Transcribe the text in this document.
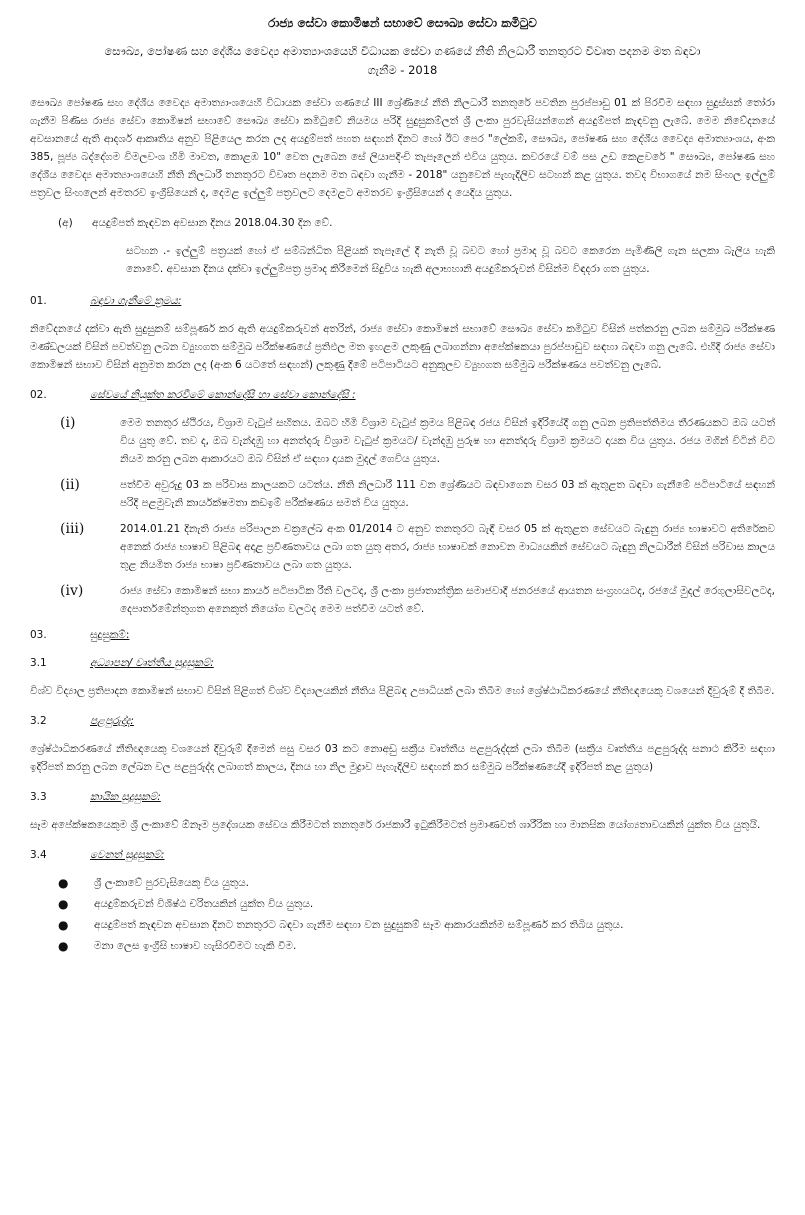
රාජ්‍ය සේවා කොමිෂන් සභාවේ සෞඛ්‍ය සේවා කමිටුව
සෞඛ්‍ය, පෝෂණ සහ දේශීය වෛද්‍ය අමාත්‍යාංශයෙහි විධායක සේවා ගණයේ නීති නිලධාරී තනතුරට විවෘත පදනම මත බඳවා ගැනීම - 2018

සෞඛ්‍ය පෝෂණ සහ දේශීය වෛද්‍ය අමාත්‍යාංශයෙහි විධායක සේවා ගණයේ III ශ්‍රේණියේ නීති නිලධාරී තනතුරේ පවතින පුරප්පාඩු 01 ක් පිරවීම සඳහා සුදුස්සන් තෝරා ගැනීම පිණිස රාජ්‍ය සේවා කොමිෂන් සභාවේ සෞඛ්‍ය සේවා කමිටුවේ නියමය පරිදි සුදුසුකම්ලත් ශ්‍රී ලංකා පුරවැසියන්ගෙන් අයදුම්පත් කැඳවනු ලැබේ. මෙම නිවේදනයේ අවසානයේ ඇති ආදර්ශ ආකෘතිය අනුව පිළියෙල කරන ලද අයදුම්පත් පහත සඳහන් දිනට හෝ ඊට පෙර "ලේකම්, සෞඛ්‍ය, පෝෂණ සහ දේශීය වෛද්‍ය අමාත්‍යාංශය, අංක 385, පූජ්‍ය බද්දේගම විමලවංශ හිමි මාවත, කොළඹ 10" වෙත ලැබෙන සේ ලියාපදිංචි තැපෑලෙන් එවිය යුතුය. කවරයේ වම් පස උඩ කෙළවරේ " සෞඛ්‍ය, පෝෂණ සහ දේශීය වෛද්‍ය අමාත්‍යාංශයෙහි නීති නිලධාරී තනතුරට විවෘත පදනම මත බඳවා ගැනීම - 2018" යනුවෙන් පැහැදිලිව සටහන් කළ යුතුය. තවද විභාගයේ නම සිංහල ඉල්ලුම් පත්‍රවල සිංහලෙන් අමතරව ඉංග්‍රීසියෙන් ද, දෙමළ ඉල්ලුම් පත්‍රවලට දෙමළට අමතරව ඉංග්‍රීසියෙන් ද යෙදිය යුතුය.

(අ)	අයදුම්පත් කැඳවන අවසාන දිනය 2018.04.30 දින වේ.

සටහන .- ඉල්ලුම් පත්‍රයක් හෝ ඒ සම්බන්ධිත පිළියක් තැපෑලේ දී නැති වූ බවට හෝ ප්‍රමාද වූ බවට කෙරෙන පැමිණිලි ගැන සලකා බැලිය හැකි නොවේ. අවසාන දිනය දක්වා ඉල්ලුම්පත්‍ර ප්‍රමාද කිරීමෙන් සිදුවිය හැකි අලාභහානි අයදුම්කරුවන් විසින්ම විඳදරා ගත යුතුය.

01.	බඳවා ගැනීමේ ක්‍රමය:

නිවේදනයේ දක්වා ඇති සුදුසුකම් සම්පූර්ණ කර ඇති අයදුම්කරුවන් අතරින්, රාජ්‍ය සේවා කොමිෂන් සභාවේ සෞඛ්‍ය සේවා කමිටුව විසින් පත්කරනු ලබන සම්මුඛ පරීක්ෂණ මණ්ඩලයක් විසින් පවත්වනු ලබන ව්‍යුහගත සම්මුඛ පරීක්ෂණයේ ප්‍රතිඵල මත ඉහළම ලකුණු ලබාගන්නා අපේක්ෂකයා පුරප්පාඩුව සඳහා බඳවා ගනු ලැබේ. එහිදී රාජ්‍ය සේවා කොමිෂන් සභාව විසින් අනුමත කරන ලද (අංක 6 යටතේ සඳහන්) ලකුණු දීමේ පටිපාටියට අනුකූලව ව්‍යුහගත සම්මුඛ පරීක්ෂණය පවත්වනු ලැබේ.

02.	සේවයේ නියුක්ත කරවීමේ කොන්දේසි හා සේවා කොන්දේසි :
(i)	මෙම තනතුර ස්ථිරය, විශ්‍රාම වැටුප් සහිතය. ඔබට හිමි විශ්‍රාම වැටුප් ක්‍රමය පිළිබඳ රජය විසින් ඉදිරියේදී ගනු ලබන ප්‍රතිපත්තිමය තීරණයකට ඔබ යටත් විය යුතු වේ. තව ද, ඔබ වැන්දඹු හා අනත්දරු විශ්‍රාම වැටුප් ක්‍රමයට/ වැන්දඹු පුරුෂ හා අනත්දරු විශ්‍රාම ක්‍රමයට දායක විය යුතුය. රජය මගින් විටින් විට නියම කරනු ලබන ආකාරයට ඔබ විසින් ඒ සඳහා දායක මුදල් ගෙවිය යුතුය.
(ii)	පත්වීම අවුරුදු 03 ක පරිවාස කාලයකට යටත්ය. නීති නිලධාරී 111 වන ශ්‍රේණියට බඳවාගෙන වසර 03 ක් ඇතුළත බඳවා ගැනීමේ පටිපාටියේ සඳහන් පරිදි පළමුවැනි කාර්යක්ෂමතා කඩඉම් පරීක්ෂණය සමත් විය යුතුය.
(iii)	2014.01.21 දිනැති රාජ්‍ය පරිපාලන චක්‍රලේඛ අංක 01/2014 ට අනුව තනතුරට බැඳී වසර 05 ක් ඇතුළත සේවයට බැඳුනු රාජ්‍ය භාෂාවට අතිරේකව අනෙක් රාජ්‍ය භාෂාව පිළිබඳ අදාළ ප්‍රවීණතාවය ලබා ගත යුතු අතර, රාජ්‍ය භාෂාවක් නොවන මාධ්‍යයකින් සේවයට බැඳුනු නිලධාරීන් විසින් පරිවාස කාලය තුළ නියමිත රාජ්‍ය භාෂා ප්‍රවීණතාවය ලබා ගත යුතුය.
(iv)	රාජ්‍ය සේවා කොමිෂන් සභා කාර්ය පටිපාටික රීති වලටද, ශ්‍රී ලංකා ප්‍රජාතාන්ත්‍රික සමාජවාදී ජනරජයේ ආයතන සංග්‍රහයටද, රජයේ මුදල් රෙගුලාසිවලටද, දෙපාර්තමේන්තුගත අනෙකුත් නියෝග වලටද මෙම පත්වීම යටත් වේ.
03.	සුදුසුකම්:
3.1	අධ්‍යාපන/ වෘත්තීය සුදුසුකම්:

විශ්ව විද්‍යාල ප්‍රතිපාදන කොමිෂන් සභාව විසින් පිළිගත් විශ්ව විද්‍යාලයකින් නීතිය පිළිබඳ උපාධියක් ලබා තිබීම හෝ ශ්‍රේෂ්ඨාධිකරණයේ නීතිඥයෙකු වශයෙන් දිවුරුම් දී තිබීම.

3.2	පළපුරුද්ද:

ශ්‍රේෂ්ඨාධිකරණයේ නීතිඥයෙකු වශයෙන් දිවුරුම් දීමෙන් පසු වසර 03 කට නොඅඩු සක්‍රීය වෘත්තීය පළපුරුද්දක් ලබා තිබීම (සක්‍රීය වෘත්තීය පළපුරුද්ද සනාථ කිරීම සඳහා ඉදිරිපත් කරනු ලබන ලේඛන වල පළපුරුද්ද ලබාගත් කාලය, දිනය හා නිල මුද්‍රාව පැහැදිලිව සඳහන් කර සම්මුඛ පරීක්ෂණයේදී ඉදිරිපත් කළ යුතුය)

3.3	කායික සුදුසුකම්:

සෑම අපේක්ෂකයෙකුම ශ්‍රී ලංකාවේ ඕනෑම ප්‍රදේශයක සේවය කිරීමටත් තනතුරේ රාජකාරී ඉටුකිරීමටත් ප්‍රමාණවත් ශාරීරික හා මානසික යෝග්‍යතාවයකින් යුක්ත විය යුතුයි.

3.4	වෙනත් සුදුසුකම්:
●	ශ්‍රී ලංකාවේ පුරවැසියෙකු විය යුතුය.
●	අයදුම්කරුවන් විශිෂ්ඨ චරිතයකින් යුක්ත විය යුතුය.
●	අයදුම්පත් කැඳවන අවසාන දිනට තනතුරට බඳවා ගැනීම සඳහා වන සුදුසුකම් සෑම ආකාරයකින්ම සම්පූර්ණ කර තිබිය යුතුය.
●	මනා ලෙස ඉංග්‍රීසි භාෂාව හැසිරවීමට හැකි වීම.
